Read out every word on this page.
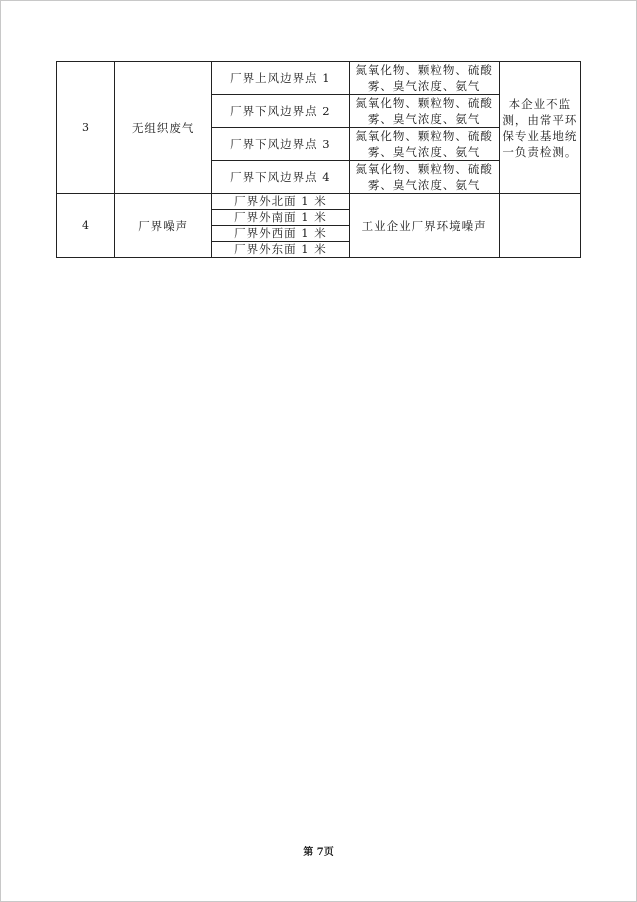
3	无组织废气	厂界上风边界点 1	氮氧化物、颗粒物、硫酸雾、臭气浓度、氨气	本企业不监测，由常平环保专业基地统一负责检测。
		厂界下风边界点 2	氮氧化物、颗粒物、硫酸雾、臭气浓度、氨气	
		厂界下风边界点 3	氮氧化物、颗粒物、硫酸雾、臭气浓度、氨气	
		厂界下风边界点 4	氮氧化物、颗粒物、硫酸雾、臭气浓度、氨气	
4	厂界噪声	厂界外北面 1 米	工业企业厂界环境噪声	
		厂界外南面 1 米		
		厂界外西面 1 米		
		厂界外东面 1 米		
第 7页
